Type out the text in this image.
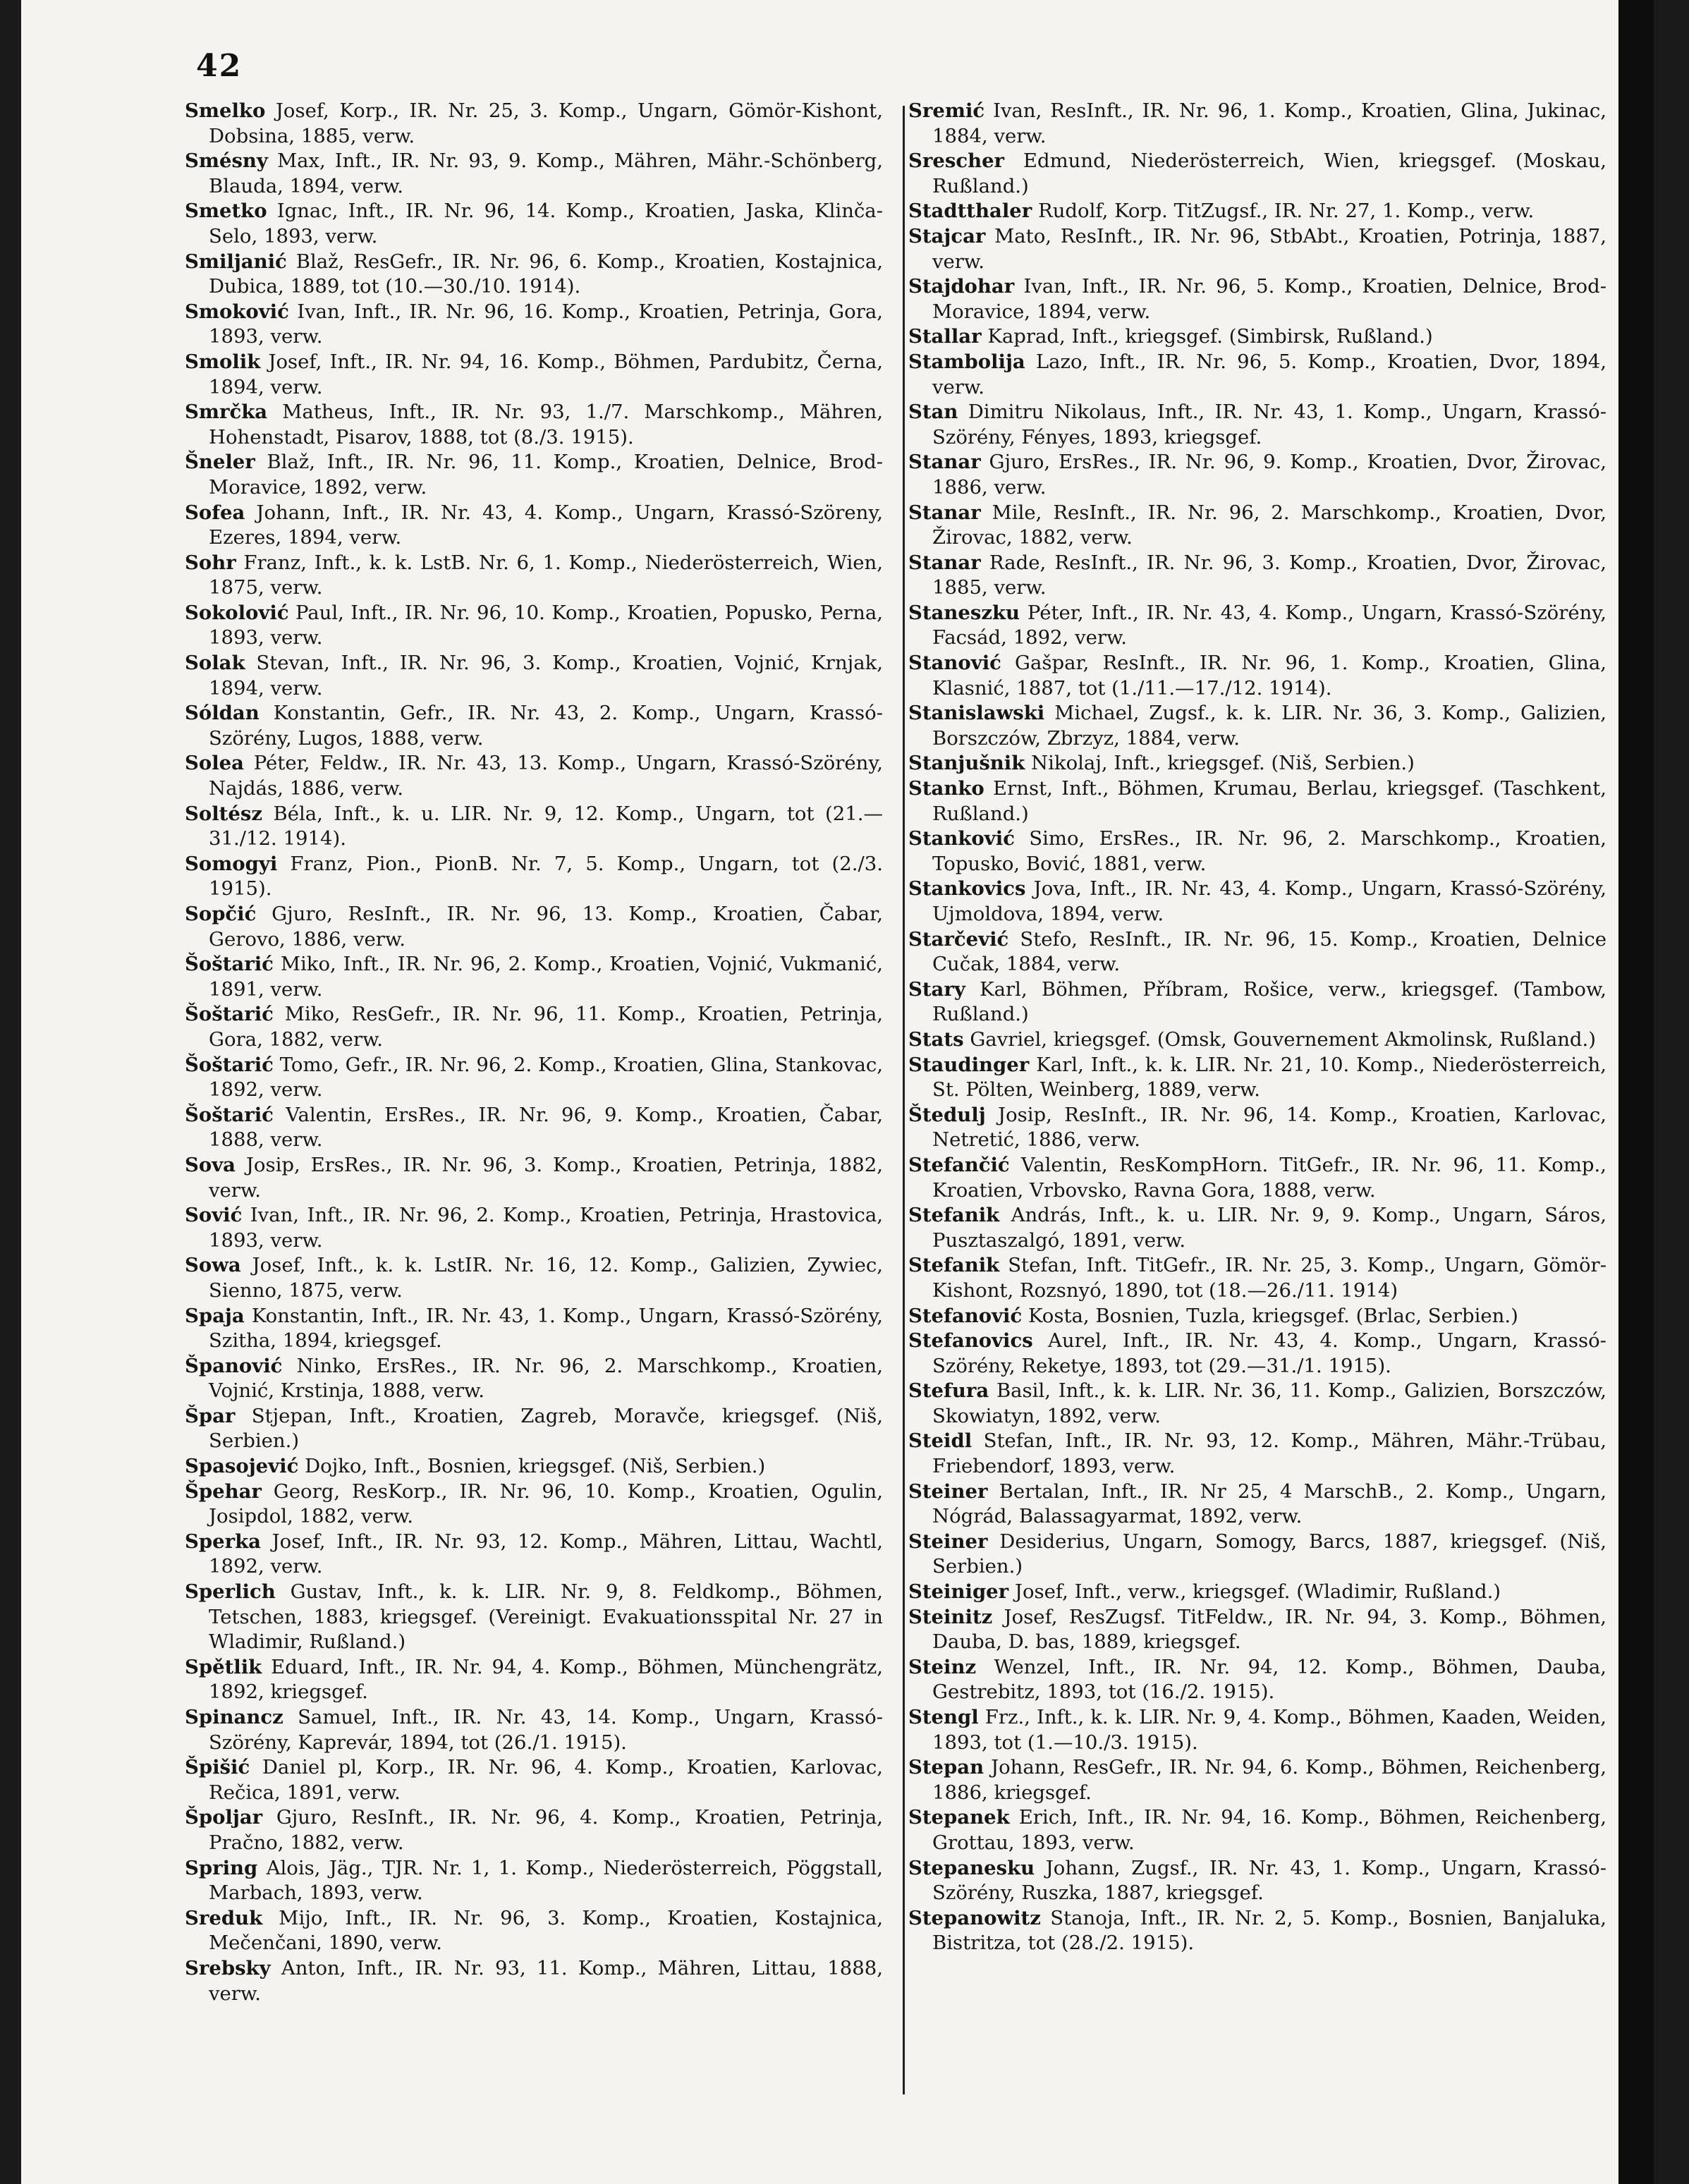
42

Smelko Josef, Korp., IR. Nr. 25, 3. Komp., Ungarn, Gömör-Kishont, Dobsina, 1885, verw.

Smésny Max, Inft., IR. Nr. 93, 9. Komp., Mähren, Mähr.-Schönberg, Blauda, 1894, verw.

Smetko Ignac, Inft., IR. Nr. 96, 14. Komp., Kroatien, Jaska, Klinča-Selo, 1893, verw.

Smiljanić Blaž, ResGefr., IR. Nr. 96, 6. Komp., Kroatien, Kostajnica, Dubica, 1889, tot (10.—30./10. 1914).

Smoković Ivan, Inft., IR. Nr. 96, 16. Komp., Kroatien, Petrinja, Gora, 1893, verw.

Smolik Josef, Inft., IR. Nr. 94, 16. Komp., Böhmen, Pardubitz, Černa, 1894, verw.

Smrčka Matheus, Inft., IR. Nr. 93, 1./7. Marschkomp., Mähren, Hohenstadt, Pisarov, 1888, tot (8./3. 1915).

Šneler Blaž, Inft., IR. Nr. 96, 11. Komp., Kroatien, Delnice, Brod-Moravice, 1892, verw.

Sofea Johann, Inft., IR. Nr. 43, 4. Komp., Ungarn, Krassó-Szöreny, Ezeres, 1894, verw.

Sohr Franz, Inft., k. k. LstB. Nr. 6, 1. Komp., Niederösterreich, Wien, 1875, verw.

Sokolović Paul, Inft., IR. Nr. 96, 10. Komp., Kroatien, Popusko, Perna, 1893, verw.

Solak Stevan, Inft., IR. Nr. 96, 3. Komp., Kroatien, Vojnić, Krnjak, 1894, verw.

Sóldan Konstantin, Gefr., IR. Nr. 43, 2. Komp., Ungarn, Krassó-Szörény, Lugos, 1888, verw.

Solea Péter, Feldw., IR. Nr. 43, 13. Komp., Ungarn, Krassó-Szörény, Najdás, 1886, verw.

Soltész Béla, Inft., k. u. LIR. Nr. 9, 12. Komp., Ungarn, tot (21.—31./12. 1914).

Somogyi Franz, Pion., PionB. Nr. 7, 5. Komp., Ungarn, tot (2./3. 1915).

Sopčić Gjuro, ResInft., IR. Nr. 96, 13. Komp., Kroatien, Čabar, Gerovo, 1886, verw.

Šoštarić Miko, Inft., IR. Nr. 96, 2. Komp., Kroatien, Vojnić, Vukmanić, 1891, verw.

Šoštarić Miko, ResGefr., IR. Nr. 96, 11. Komp., Kroatien, Petrinja, Gora, 1882, verw.

Šoštarić Tomo, Gefr., IR. Nr. 96, 2. Komp., Kroatien, Glina, Stankovac, 1892, verw.

Šoštarić Valentin, ErsRes., IR. Nr. 96, 9. Komp., Kroatien, Čabar, 1888, verw.

Sova Josip, ErsRes., IR. Nr. 96, 3. Komp., Kroatien, Petrinja, 1882, verw.

Sović Ivan, Inft., IR. Nr. 96, 2. Komp., Kroatien, Petrinja, Hrastovica, 1893, verw.

Sowa Josef, Inft., k. k. LstIR. Nr. 16, 12. Komp., Galizien, Zywiec, Sienno, 1875, verw.

Spaja Konstantin, Inft., IR. Nr. 43, 1. Komp., Ungarn, Krassó-Szörény, Szitha, 1894, kriegsgef.

Španović Ninko, ErsRes., IR. Nr. 96, 2. Marschkomp., Kroatien, Vojnić, Krstinja, 1888, verw.

Špar Stjepan, Inft., Kroatien, Zagreb, Moravče, kriegsgef. (Niš, Serbien.)

Spasojević Dojko, Inft., Bosnien, kriegsgef. (Niš, Serbien.)

Špehar Georg, ResKorp., IR. Nr. 96, 10. Komp., Kroatien, Ogulin, Josipdol, 1882, verw.

Sperka Josef, Inft., IR. Nr. 93, 12. Komp., Mähren, Littau, Wachtl, 1892, verw.

Sperlich Gustav, Inft., k. k. LIR. Nr. 9, 8. Feldkomp., Böhmen, Tetschen, 1883, kriegsgef. (Vereinigt. Evakuationsspital Nr. 27 in Wladimir, Rußland.)

Spětlik Eduard, Inft., IR. Nr. 94, 4. Komp., Böhmen, Münchengrätz, 1892, kriegsgef.

Spinancz Samuel, Inft., IR. Nr. 43, 14. Komp., Ungarn, Krassó-Szörény, Kaprevár, 1894, tot (26./1. 1915).

Špišić Daniel pl, Korp., IR. Nr. 96, 4. Komp., Kroatien, Karlovac, Rečica, 1891, verw.

Špoljar Gjuro, ResInft., IR. Nr. 96, 4. Komp., Kroatien, Petrinja, Pračno, 1882, verw.

Spring Alois, Jäg., TJR. Nr. 1, 1. Komp., Niederösterreich, Pöggstall, Marbach, 1893, verw.

Sreduk Mijo, Inft., IR. Nr. 96, 3. Komp., Kroatien, Kostajnica, Mečenčani, 1890, verw.

Srebsky Anton, Inft., IR. Nr. 93, 11. Komp., Mähren, Littau, 1888, verw.

Sremić Ivan, ResInft., IR. Nr. 96, 1. Komp., Kroatien, Glina, Jukinac, 1884, verw.

Srescher Edmund, Niederösterreich, Wien, kriegsgef. (Moskau, Rußland.)

Stadtthaler Rudolf, Korp. TitZugsf., IR. Nr. 27, 1. Komp., verw.

Stajcar Mato, ResInft., IR. Nr. 96, StbAbt., Kroatien, Potrinja, 1887, verw.

Stajdohar Ivan, Inft., IR. Nr. 96, 5. Komp., Kroatien, Delnice, Brod-Moravice, 1894, verw.

Stallar Kaprad, Inft., kriegsgef. (Simbirsk, Rußland.)

Stambolija Lazo, Inft., IR. Nr. 96, 5. Komp., Kroatien, Dvor, 1894, verw.

Stan Dimitru Nikolaus, Inft., IR. Nr. 43, 1. Komp., Ungarn, Krassó-Szörény, Fényes, 1893, kriegsgef.

Stanar Gjuro, ErsRes., IR. Nr. 96, 9. Komp., Kroatien, Dvor, Žirovac, 1886, verw.

Stanar Mile, ResInft., IR. Nr. 96, 2. Marschkomp., Kroatien, Dvor, Žirovac, 1882, verw.

Stanar Rade, ResInft., IR. Nr. 96, 3. Komp., Kroatien, Dvor, Žirovac, 1885, verw.

Staneszku Péter, Inft., IR. Nr. 43, 4. Komp., Ungarn, Krassó-Szörény, Facsád, 1892, verw.

Stanović Gašpar, ResInft., IR. Nr. 96, 1. Komp., Kroatien, Glina, Klasnić, 1887, tot (1./11.—17./12. 1914).

Stanislawski Michael, Zugsf., k. k. LIR. Nr. 36, 3. Komp., Galizien, Borszczów, Zbrzyz, 1884, verw.

Stanjušnik Nikolaj, Inft., kriegsgef. (Niš, Serbien.)

Stanko Ernst, Inft., Böhmen, Krumau, Berlau, kriegsgef. (Taschkent, Rußland.)

Stanković Simo, ErsRes., IR. Nr. 96, 2. Marschkomp., Kroatien, Topusko, Bović, 1881, verw.

Stankovics Jova, Inft., IR. Nr. 43, 4. Komp., Ungarn, Krassó-Szörény, Ujmoldova, 1894, verw.

Starčević Stefo, ResInft., IR. Nr. 96, 15. Komp., Kroatien, Delnice Cučak, 1884, verw.

Stary Karl, Böhmen, Příbram, Rošice, verw., kriegsgef. (Tambow, Rußland.)

Stats Gavriel, kriegsgef. (Omsk, Gouvernement Akmolinsk, Rußland.)

Staudinger Karl, Inft., k. k. LIR. Nr. 21, 10. Komp., Niederösterreich, St. Pölten, Weinberg, 1889, verw.

Štedulj Josip, ResInft., IR. Nr. 96, 14. Komp., Kroatien, Karlovac, Netretić, 1886, verw.

Stefančić Valentin, ResKompHorn. TitGefr., IR. Nr. 96, 11. Komp., Kroatien, Vrbovsko, Ravna Gora, 1888, verw.

Stefanik András, Inft., k. u. LIR. Nr. 9, 9. Komp., Ungarn, Sáros, Pusztaszalgó, 1891, verw.

Stefanik Stefan, Inft. TitGefr., IR. Nr. 25, 3. Komp., Ungarn, Gömör-Kishont, Rozsnyó, 1890, tot (18.—26./11. 1914)

Stefanović Kosta, Bosnien, Tuzla, kriegsgef. (Brlac, Serbien.)

Stefanovics Aurel, Inft., IR. Nr. 43, 4. Komp., Ungarn, Krassó-Szörény, Reketye, 1893, tot (29.—31./1. 1915).

Stefura Basil, Inft., k. k. LIR. Nr. 36, 11. Komp., Galizien, Borszczów, Skowiatyn, 1892, verw.

Steidl Stefan, Inft., IR. Nr. 93, 12. Komp., Mähren, Mähr.-Trübau, Friebendorf, 1893, verw.

Steiner Bertalan, Inft., IR. Nr 25, 4 MarschB., 2. Komp., Ungarn, Nógrád, Balassagyarmat, 1892, verw.

Steiner Desiderius, Ungarn, Somogy, Barcs, 1887, kriegsgef. (Niš, Serbien.)

Steiniger Josef, Inft., verw., kriegsgef. (Wladimir, Rußland.)

Steinitz Josef, ResZugsf. TitFeldw., IR. Nr. 94, 3. Komp., Böhmen, Dauba, D. bas, 1889, kriegsgef.

Steinz Wenzel, Inft., IR. Nr. 94, 12. Komp., Böhmen, Dauba, Gestrebitz, 1893, tot (16./2. 1915).

Stengl Frz., Inft., k. k. LIR. Nr. 9, 4. Komp., Böhmen, Kaaden, Weiden, 1893, tot (1.—10./3. 1915).

Stepan Johann, ResGefr., IR. Nr. 94, 6. Komp., Böhmen, Reichenberg, 1886, kriegsgef.

Stepanek Erich, Inft., IR. Nr. 94, 16. Komp., Böhmen, Reichenberg, Grottau, 1893, verw.

Stepanesku Johann, Zugsf., IR. Nr. 43, 1. Komp., Ungarn, Krassó-Szörény, Ruszka, 1887, kriegsgef.

Stepanowitz Stanoja, Inft., IR. Nr. 2, 5. Komp., Bosnien, Banjaluka, Bistritza, tot (28./2. 1915).
